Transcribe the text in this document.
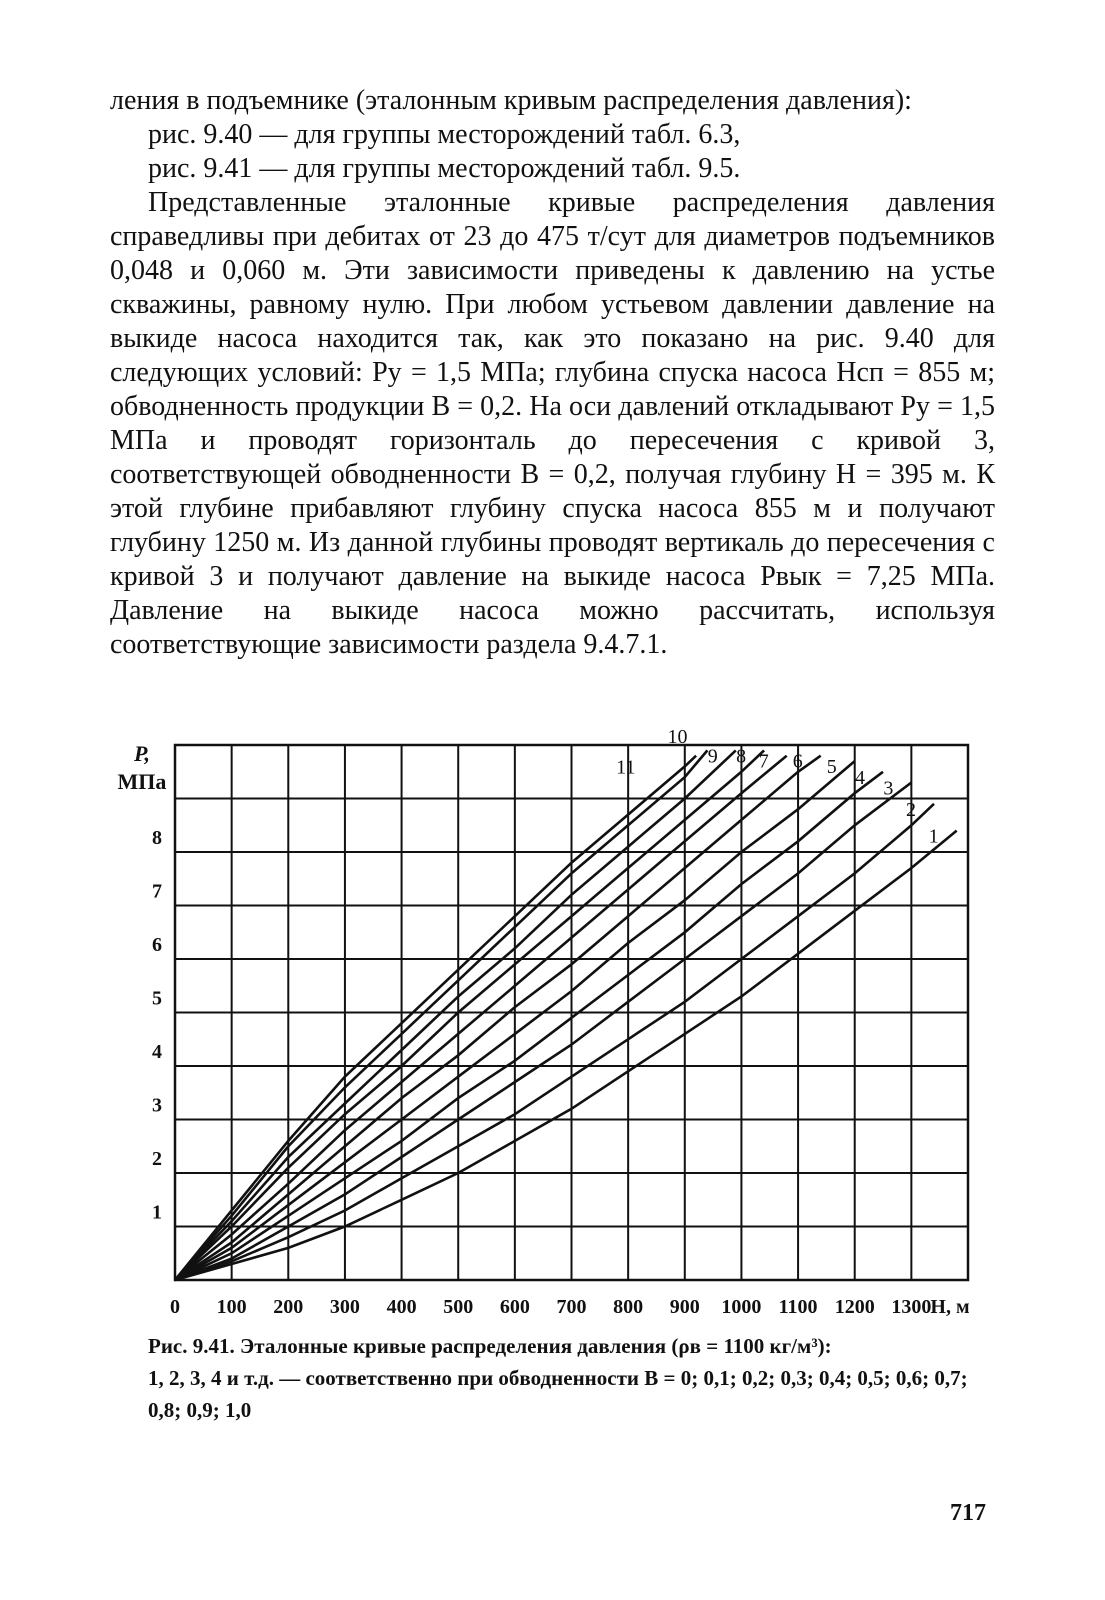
ления в подъемнике (эталонным кривым распределения давления):

рис. 9.40 — для группы месторождений табл. 6.3,

рис. 9.41 — для группы месторождений табл. 9.5.

Представленные эталонные кривые распределения давления справедливы при дебитах от 23 до 475 т/сут для диаметров подъемников 0,048 и 0,060 м. Эти зависимости приведены к давлению на устье скважины, равному нулю. При любом устьевом давлении давление на выкиде насоса находится так, как это показано на рис. 9.40 для следующих условий: Pу = 1,5 МПа; глубина спуска насоса Hсп = 855 м; обводненность продукции B = 0,2. На оси давлений откладывают Pу = 1,5 МПа и проводят горизонталь до пересечения с кривой 3, соответствующей обводненности B = 0,2, получая глубину H = 395 м. К этой глубине прибавляют глубину спуска насоса 855 м и получают глубину 1250 м. Из данной глубины проводят вертикаль до пересечения с кривой 3 и получают давление на выкиде насоса Pвык = 7,25 МПа. Давление на выкиде насоса можно рассчитать, используя соответствующие зависимости раздела 9.4.7.1.

P,
МПа
1
2
3
4
5
6
7
8
9
10
11
0 100 200 300 400 500 600 700 800 900 1000 1100 1200 1300 H, м
1
2
3
4
5
6
7
8

Рис. 9.41. Эталонные кривые распределения давления (ρв = 1100 кг/м³):

1, 2, 3, 4 и т.д. — соответственно при обводненности B = 0; 0,1; 0,2; 0,3; 0,4; 0,5; 0,6; 0,7; 0,8; 0,9; 1,0

717
